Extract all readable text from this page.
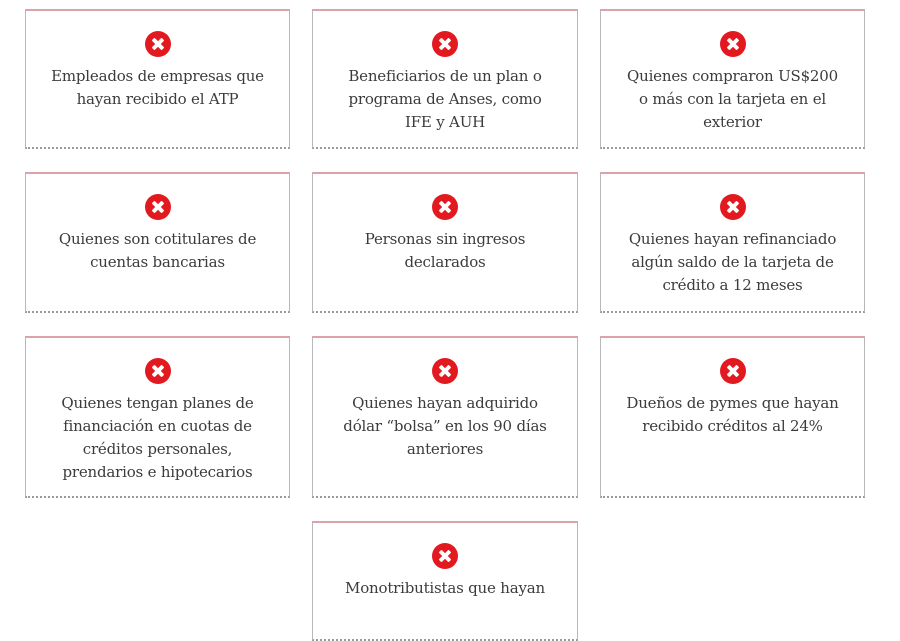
Empleados de empresas que
hayan recibido el ATP
Beneficiarios de un plan o
programa de Anses, como
IFE y AUH
Quienes compraron US$200
o más con la tarjeta en el
exterior
Quienes son cotitulares de
cuentas bancarias
Personas sin ingresos
declarados
Quienes hayan refinanciado
algún saldo de la tarjeta de
crédito a 12 meses
Quienes tengan planes de
financiación en cuotas de
créditos personales,
prendarios e hipotecarios
Quienes hayan adquirido
dólar “bolsa” en los 90 días
anteriores
Dueños de pymes que hayan
recibido créditos al 24%
Monotributistas que hayan
